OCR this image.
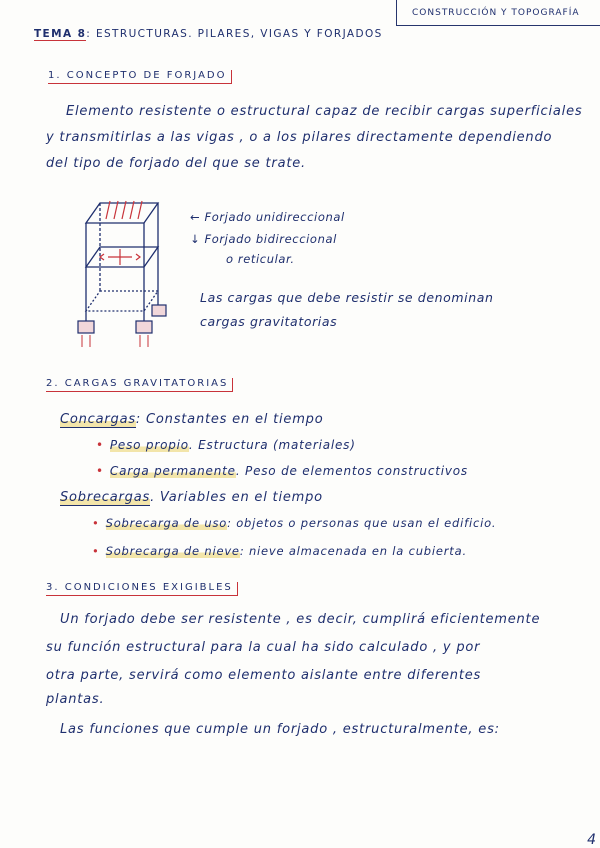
CONSTRUCCIÓN Y TOPOGRAFÍA
TEMA 8: ESTRUCTURAS. PILARES, VIGAS Y FORJADOS
1. CONCEPTO DE FORJADO
Elemento resistente o estructural capaz de recibir cargas superficiales
y transmitirlas a las vigas , o a los pilares directamente dependiendo
del tipo de forjado del que se trate.
← Forjado unidireccional
↓ Forjado bidireccional
o reticular.
Las cargas que debe resistir se denominan
cargas gravitatorias
2. CARGAS GRAVITATORIAS
Concargas: Constantes en el tiempo
• Peso propio. Estructura (materiales)
• Carga permanente. Peso de elementos constructivos
Sobrecargas. Variables en el tiempo
• Sobrecarga de uso: objetos o personas que usan el edificio.
• Sobrecarga de nieve: nieve almacenada en la cubierta.
3. CONDICIONES EXIGIBLES
Un forjado debe ser resistente , es decir, cumplirá eficientemente
su función estructural para la cual ha sido calculado , y por
otra parte, servirá como elemento aislante entre diferentes
plantas.
Las funciones que cumple un forjado , estructuralmente, es:
4
